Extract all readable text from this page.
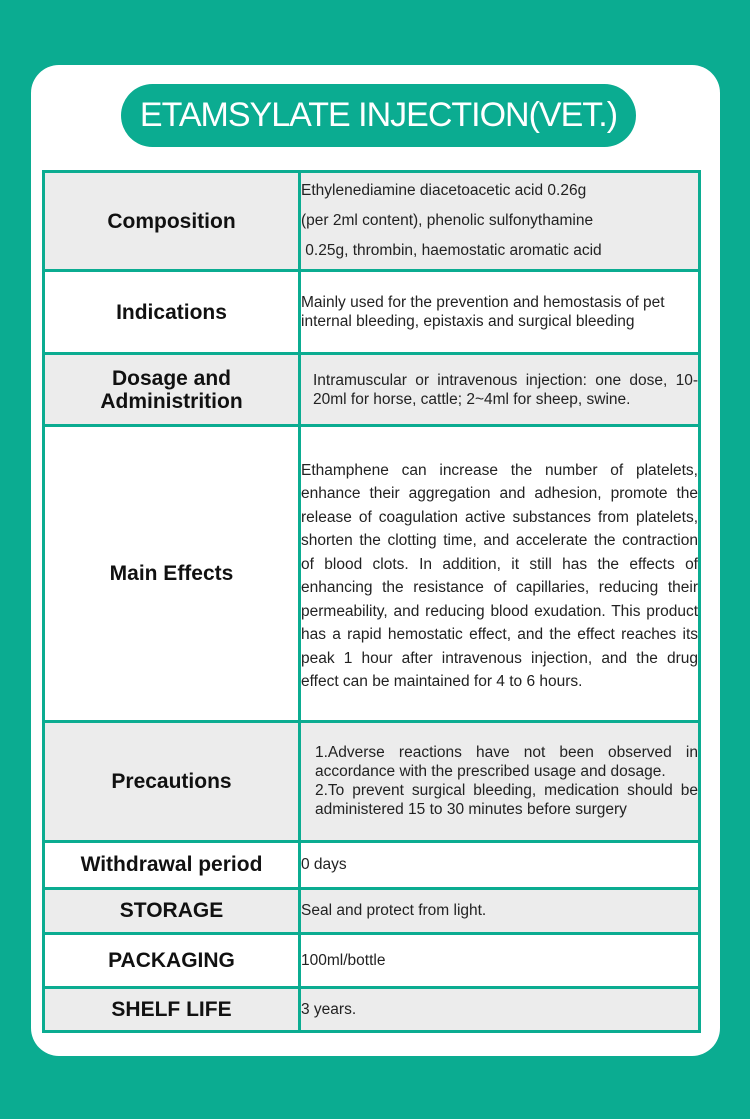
ETAMSYLATE INJECTION(VET.)
Composition	Ethylenediamine diacetoacetic acid 0.26g
(per 2ml content), phenolic sulfonythamine
0.25g, thrombin, haemostatic aromatic acid

Indications	Mainly used for the prevention and hemostasis of pet internal bleeding, epistaxis and surgical bleeding
Dosage and Administrition	Intramuscular or intravenous injection: one dose, 10-20ml for horse, cattle; 2~4ml for sheep, swine.
Main Effects	Ethamphene can increase the number of platelets, enhance their aggregation and adhesion, promote the release of coagulation active substances from platelets, shorten the clotting time, and accelerate the contraction of blood clots. In addition, it still has the effects of enhancing the resistance of capillaries, reducing their permeability, and reducing blood exudation. This product has a rapid hemostatic effect, and the effect reaches its peak 1 hour after intravenous injection, and the drug effect can be maintained for 4 to 6 hours.
Precautions	1.Adverse reactions have not been observed in accordance with the prescribed usage and dosage.
2.To prevent surgical bleeding, medication should be administered 15 to 30 minutes before surgery

Withdrawal period	0 days
STORAGE	Seal and protect from light.
PACKAGING	100ml/bottle
SHELF LIFE	3 years.
